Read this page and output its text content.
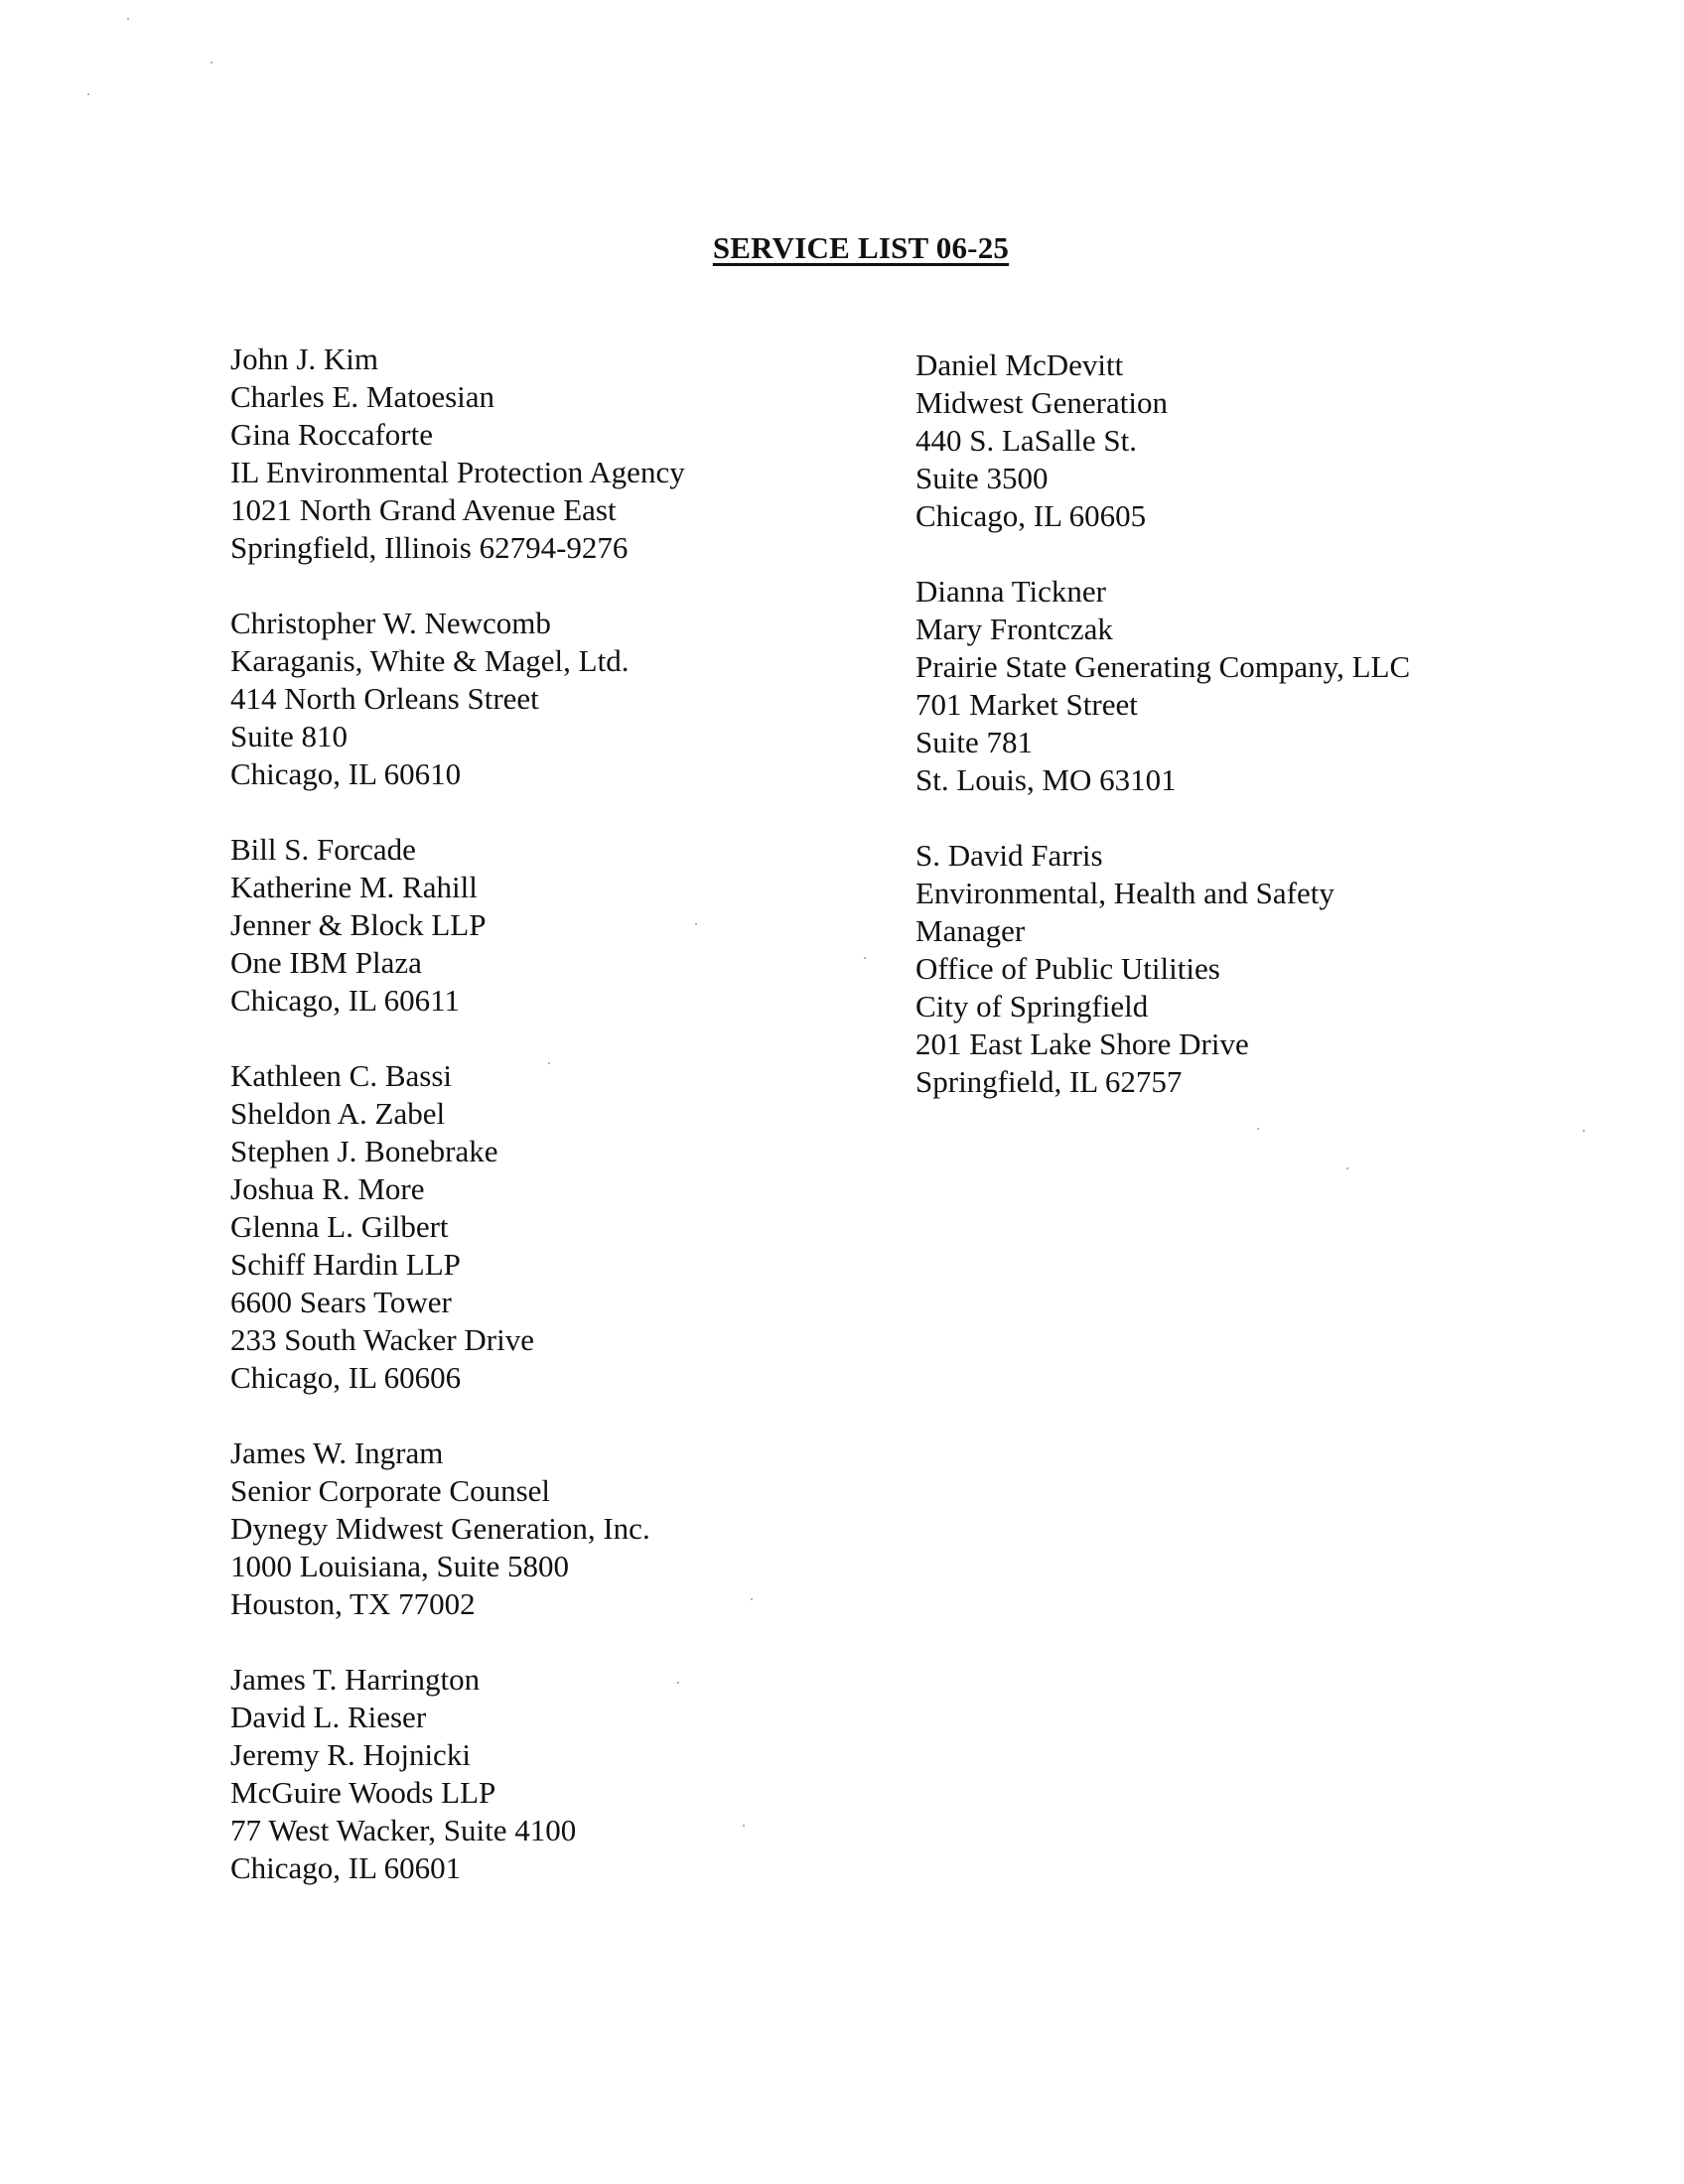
SERVICE LIST 06-25
John J. Kim
Charles E. Matoesian
Gina Roccaforte
IL Environmental Protection Agency
1021 North Grand Avenue East
Springfield, Illinois 62794-9276
Christopher W. Newcomb
Karaganis, White & Magel, Ltd.
414 North Orleans Street
Suite 810
Chicago, IL 60610
Bill S. Forcade
Katherine M. Rahill
Jenner & Block LLP
One IBM Plaza
Chicago, IL 60611
Kathleen C. Bassi
Sheldon A. Zabel
Stephen J. Bonebrake
Joshua R. More
Glenna L. Gilbert
Schiff Hardin LLP
6600 Sears Tower
233 South Wacker Drive
Chicago, IL 60606
James W. Ingram
Senior Corporate Counsel
Dynegy Midwest Generation, Inc.
1000 Louisiana, Suite 5800
Houston, TX 77002
James T. Harrington
David L. Rieser
Jeremy R. Hojnicki
McGuire Woods LLP
77 West Wacker, Suite 4100
Chicago, IL 60601
Daniel McDevitt
Midwest Generation
440 S. LaSalle St.
Suite 3500
Chicago, IL 60605
Dianna Tickner
Mary Frontczak
Prairie State Generating Company, LLC
701 Market Street
Suite 781
St. Louis, MO 63101
S. David Farris
Environmental, Health and Safety
Manager
Office of Public Utilities
City of Springfield
201 East Lake Shore Drive
Springfield, IL 62757
